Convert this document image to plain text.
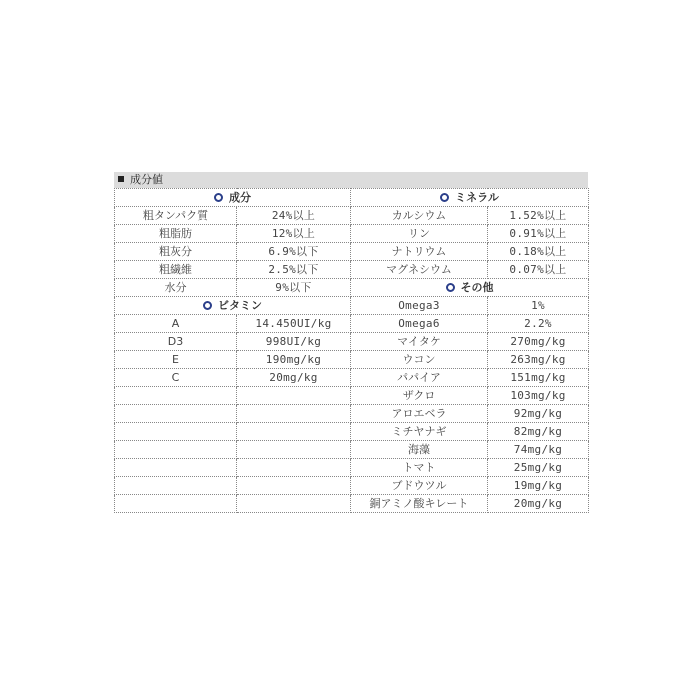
成分値
成分		ミネラル	
粗タンパク質	24%以上	カルシウム	1.52%以上
粗脂肪	12%以上	リン	0.91%以上
粗灰分	6.9%以下	ナトリウム	0.18%以上
粗繊維	2.5%以下	マグネシウム	0.07%以上
水分	9%以下	その他	
ビタミン		Omega3	1%
A	14.450UI/kg	Omega6	2.2%
D3	998UI/kg	マイタケ	270mg/kg
E	190mg/kg	ウコン	263mg/kg
C	20mg/kg	パパイア	151mg/kg
		ザクロ	103mg/kg
		アロエベラ	92mg/kg
		ミチヤナギ	82mg/kg
		海藻	74mg/kg
		トマト	25mg/kg
		ブドウツル	19mg/kg
		銅アミノ酸キレート	20mg/kg
